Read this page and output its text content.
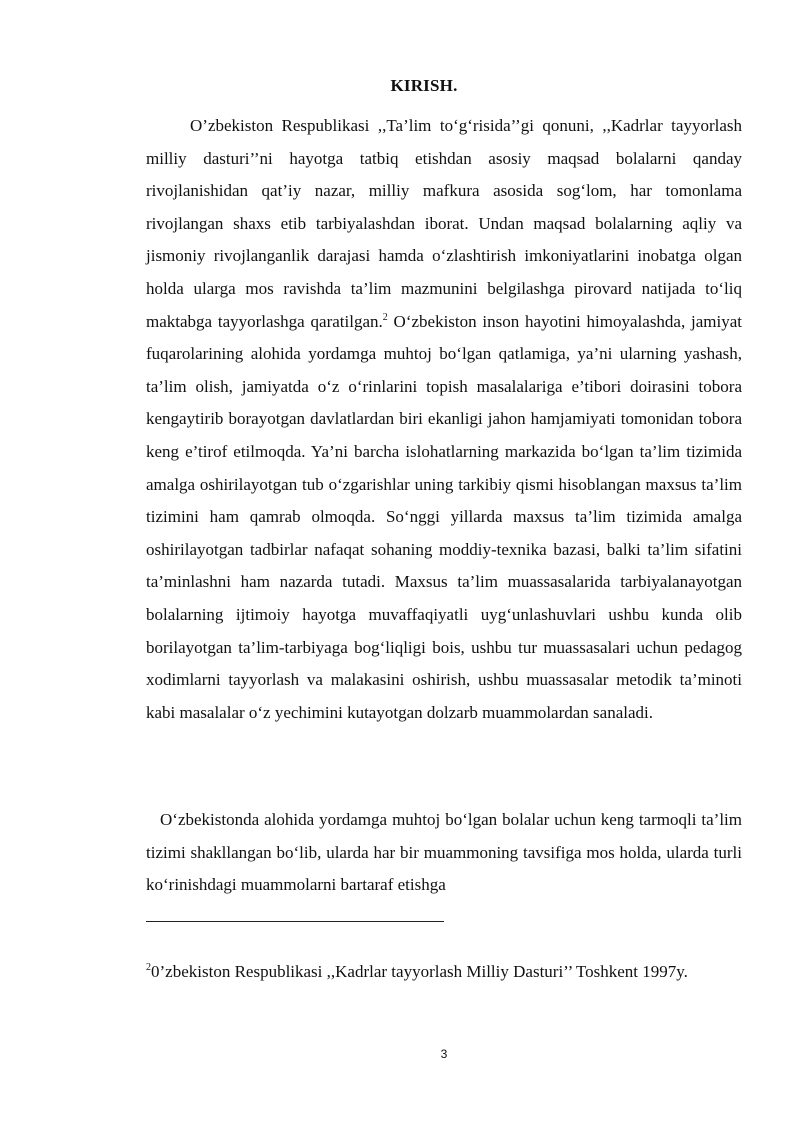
KIRISH.

O’zbekiston Respublikasi ,,Ta’lim to‘g‘risida’’gi qonuni, ,,Kadrlar tayyorlash milliy dasturi’’ni hayotga tatbiq etishdan asosiy maqsad bolalarni qanday rivojlanishidan qat’iy nazar, milliy mafkura asosida sog‘lom, har tomonlama rivojlangan shaxs etib tarbiyalashdan iborat. Undan maqsad bolalarning aqliy va jismoniy rivojlanganlik darajasi hamda o‘zlashtirish imkoniyatlarini inobatga olgan holda ularga mos ravishda ta’lim mazmunini belgilashga pirovard natijada to‘liq maktabga tayyorlashga qaratilgan.$^2$ O‘zbekiston inson hayotini himoyalashda, jamiyat fuqarolarining alohida yordamga muhtoj bo‘lgan qatlamiga, ya’ni ularning yashash, ta’lim olish, jamiyatda o‘z o‘rinlarini topish masalalariga e’tibori doirasini tobora kengaytirib borayotgan davlatlardan biri ekanligi jahon hamjamiyati tomonidan tobora keng e’tirof etilmoqda. Ya’ni barcha islohatlarning markazida bo‘lgan ta’lim tizimida amalga oshirilayotgan tub o‘zgarishlar uning tarkibiy qismi hisoblangan maxsus ta’lim tizimini ham qamrab olmoqda. So‘nggi yillarda maxsus ta’lim tizimida amalga oshirilayotgan tadbirlar nafaqat sohaning moddiy-texnika bazasi, balki ta’lim sifatini ta’minlashni ham nazarda tutadi. Maxsus ta’lim muassasalarida tarbiyalanayotgan bolalarning ijtimoiy hayotga muvaffaqiyatli uyg‘unlashuvlari ushbu kunda olib borilayotgan ta’lim-tarbiyaga bog‘liqligi bois, ushbu tur muassasalari uchun pedagog xodimlarni tayyorlash va malakasini oshirish, ushbu muassasalar metodik ta’minoti kabi masalalar o‘z yechimini kutayotgan dolzarb muammolardan sanaladi.

O‘zbekistonda alohida yordamga muhtoj bo‘lgan bolalar uchun keng tarmoqli ta’lim tizimi shakllangan bo‘lib, ularda har bir muammoning tavsifiga mos holda, ularda turli ko‘rinishdagi muammolarni bartaraf etishga

$^2$0’zbekiston Respublikasi ,,Kadrlar tayyorlash Milliy Dasturi’’ Toshkent 1997y.

3
